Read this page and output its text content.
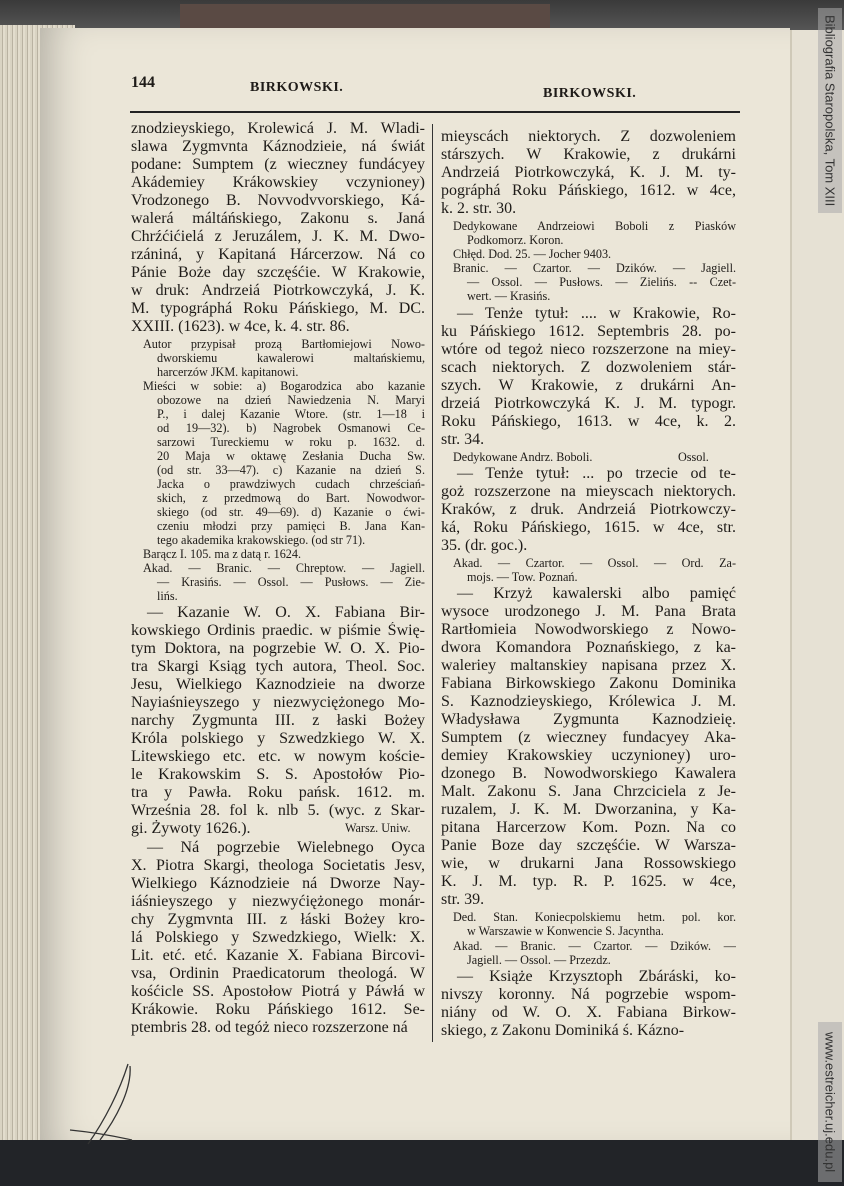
Bibliografia Staropolska, Tom XIII
www.estreicher.uj.edu.pl
144	BIRKOWSKI.	BIRKOWSKI.
znodzieyskiego, Krolewicá J. M. Wladi-
slawa Zygmvnta Káznodzieie, ná świát
podane: Sumptem (z wieczney fundácyey
Akádemiey Krákowskiey vczynioney)
Vrodzonego B. Novvodvvorskiego, Ká-
walerá máltáńskiego, Zakonu s. Janá
Chrźćićielá z Jeruzálem, J. K. M. Dwo-
rzániná, y Kapitaná Hárcerzow. Ná co
Pánie Boże day szczęśćie. W Krakowie,
w druk: Andrzeiá Piotrkowczyká, J. K.
M. typográphá Roku Páńskiego, M. DC.
XXIII. (1623). w 4ce, k. 4. str. 86.
Autor przypisał prozą Bartłomiejowi Nowo-
dworskiemu kawalerowi maltańskiemu,
harcerzów JKM. kapitanowi.
Mieści w sobie: a) Bogarodzica abo kazanie
obozowe na dzień Nawiedzenia N. Maryi
P., i dalej Kazanie Wtore. (str. 1—18 i
od 19—32). b) Nagrobek Osmanowi Ce-
sarzowi Tureckiemu w roku p. 1632. d.
20 Maja w oktawę Zesłania Ducha Sw.
(od str. 33—47). c) Kazanie na dzień S.
Jacka o prawdziwych cudach chrześciań-
skich, z przedmową do Bart. Nowodwor-
skiego (od str. 49—69). d) Kazanie o ćwi-
czeniu młodzi przy pamięci B. Jana Kan-
tego akademika krakowskiego. (od str 71).
Barącz I. 105. ma z datą r. 1624.
Akad. — Branic. — Chreptow. — Jagiell.
— Krasińs. — Ossol. — Pusłows. — Zie-
lińs.
— Kazanie W. O. X. Fabiana Bir-
kowskiego Ordinis praedic. w piśmie Świę-
tym Doktora, na pogrzebie W. O. X. Pio-
tra Skargi Ksiąg tych autora, Theol. Soc.
Jesu, Wielkiego Kaznodzieie na dworze
Nayiaśnieyszego y niezwyciężonego Mo-
narchy Zygmunta III. z łaski Bożey
Króla polskiego y Szwedzkiego W. X.
Litewskiego etc. etc. w nowym koście-
le Krakowskim S. S. Apostołów Pio-
tra y Pawła. Roku pańsk. 1612. m.
Września 28. fol k. nlb 5. (wyc. z Skar-
gi. Żywoty 1626.).	Warsz. Uniw.
— Ná pogrzebie Wielebnego Oyca
X. Piotra Skargi, theologa Societatis Jesv,
Wielkiego Káznodzieie ná Dworze Nay-
iáśnieyszego y niezwyćiężonego monár-
chy Zygmvnta III. z łáski Bożey kro-
lá Polskiego y Szwedzkiego, Wielk: X.
Lit. etć. etć. Kazanie X. Fabiana Bircovi-
vsa, Ordinin Praedicatorum theologá. W
kośćicle SS. Apostołow Piotrá y Páwłá w
Krákowie. Roku Páńskiego 1612. Se-
ptembris 28. od tegóż nieco rozszerzone ná
mieyscách niektorych. Z dozwoleniem
stárszych. W Krakowie, z drukárni
Andrzeiá Piotrkowczyká, K. J. M. ty-
pográphá Roku Páńskiego, 1612. w 4ce,
k. 2. str. 30.
Dedykowane Andrzeiowi Boboli z Piasków
Podkomorz. Koron.
Chłęd. Dod. 25. — Jocher 9403.
Branic. — Czartor. — Dzików. — Jagiell.
— Ossol. — Pusłows. — Zielińs. -- Czet-
wert. — Krasińs.
— Tenże tytuł: .... w Krakowie, Ro-
ku Páńskiego 1612. Septembris 28. po-
wtóre od tegoż nieco rozszerzone na miey-
scach niektorych. Z dozwoleniem stár-
szych. W Krakowie, z drukárni An-
drzeiá Piotrkowczyká K. J. M. typogr.
Roku Páńskiego, 1613. w 4ce, k. 2.
str. 34.
Dedykowane Andrz. Boboli.	Ossol.
— Tenże tytuł: ... po trzecie od te-
goż rozszerzone na mieyscach niektorych.
Kraków, z druk. Andrzeiá Piotrkowczy-
ká, Roku Páńskiego, 1615. w 4ce, str.
35. (dr. goc.).
Akad. — Czartor. — Ossol. — Ord. Za-
mojs. — Tow. Poznań.
— Krzyż kawalerski albo pamięć
wysoce urodzonego J. M. Pana Brata
Rartłomieia Nowodworskiego z Nowo-
dwora Komandora Poznańskiego, z ka-
waleriey maltanskiey napisana przez X.
Fabiana Birkowskiego Zakonu Dominika
S. Kaznodzieyskiego, Królewica J. M.
Władysława Zygmunta Kaznodzieię.
Sumptem (z wieczney fundacyey Aka-
demiey Krakowskiey uczynioney) uro-
dzonego B. Nowodworskiego Kawalera
Malt. Zakonu S. Jana Chrzciciela z Je-
ruzalem, J. K. M. Dworzanina, y Ka-
pitana Harcerzow Kom. Pozn. Na co
Panie Boze day szczęśćie. W Warsza-
wie, w drukarni Jana Rossowskiego
K. J. M. typ. R. P. 1625. w 4ce,
str. 39.
Ded. Stan. Koniecpolskiemu hetm. pol. kor.
w Warszawie w Konwencie S. Jacyntha.
Akad. — Branic. — Czartor. — Dzików. —
Jagiell. — Ossol. — Przezdz.
— Książe Krzysztoph Zbáráski, ko-
nivszy koronny. Ná pogrzebie wspom-
niány od W. O. X. Fabiana Birkow-
skiego, z Zakonu Dominiká ś. Kázno-
